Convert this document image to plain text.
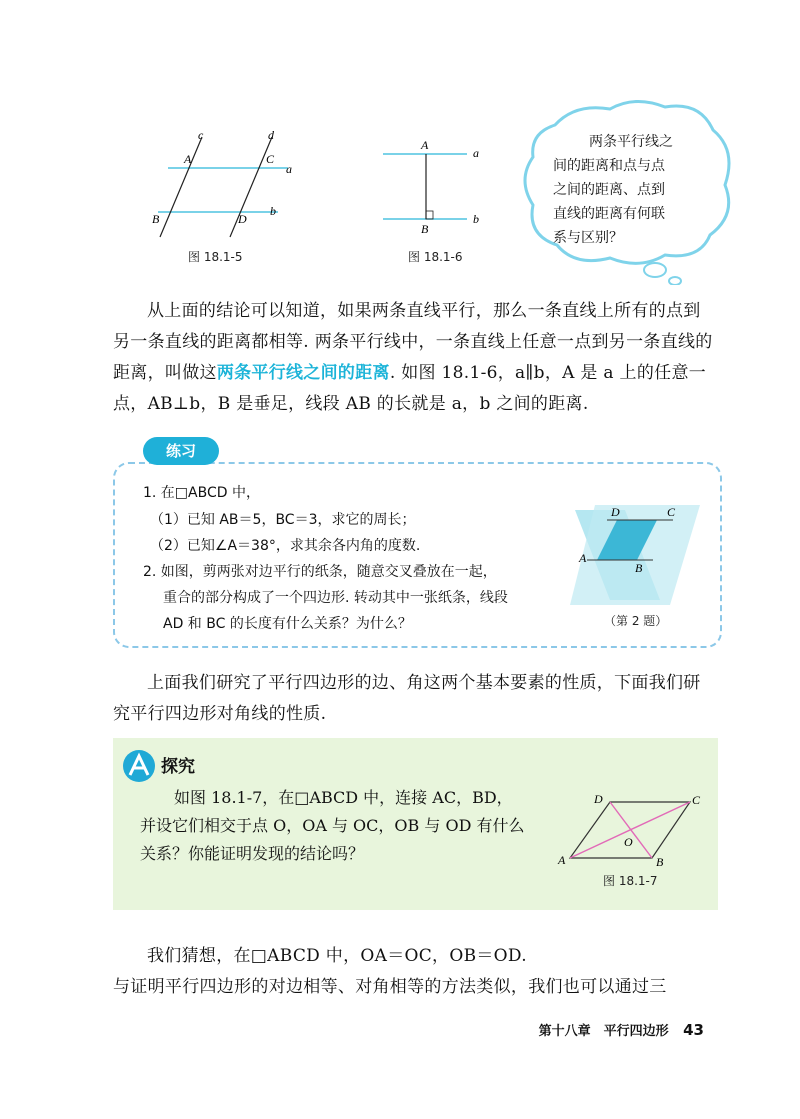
c	d
A	C
a
B	D
b
图 18.1-5
A
B
a
b
图 18.1-6
两条平行线之
间的距离和点与点
之间的距离、点到
直线的距离有何联
系与区别？
从上面的结论可以知道，如果两条直线平行，那么一条直线上所有的点到
另一条直线的距离都相等. 两条平行线中，一条直线上任意一点到另一条直线的
距离，叫做这两条平行线之间的距离. 如图 18.1-6，a∥b，A 是 a 上的任意一
点，AB⊥b，B 是垂足，线段 AB 的长就是 a，b 之间的距离.
练习
1. 在□ABCD 中，
（1）已知 AB＝5，BC＝3，求它的周长；
（2）已知∠A＝38°，求其余各内角的度数.
2. 如图，剪两张对边平行的纸条，随意交叉叠放在一起，
重合的部分构成了一个四边形. 转动其中一张纸条，线段
AD 和 BC 的长度有什么关系？为什么？
D	C
A
B
（第 2 题）
上面我们研究了平行四边形的边、角这两个基本要素的性质，下面我们研
究平行四边形对角线的性质.
探究
如图 18.1-7，在□ABCD 中，连接 AC，BD，
并设它们相交于点 O，OA 与 OC，OB 与 OD 有什么
关系？你能证明发现的结论吗？
D	C
A	B
O
图 18.1-7
我们猜想，在□ABCD 中，OA＝OC，OB＝OD.
与证明平行四边形的对边相等、对角相等的方法类似，我们也可以通过三
第十八章　平行四边形 43
